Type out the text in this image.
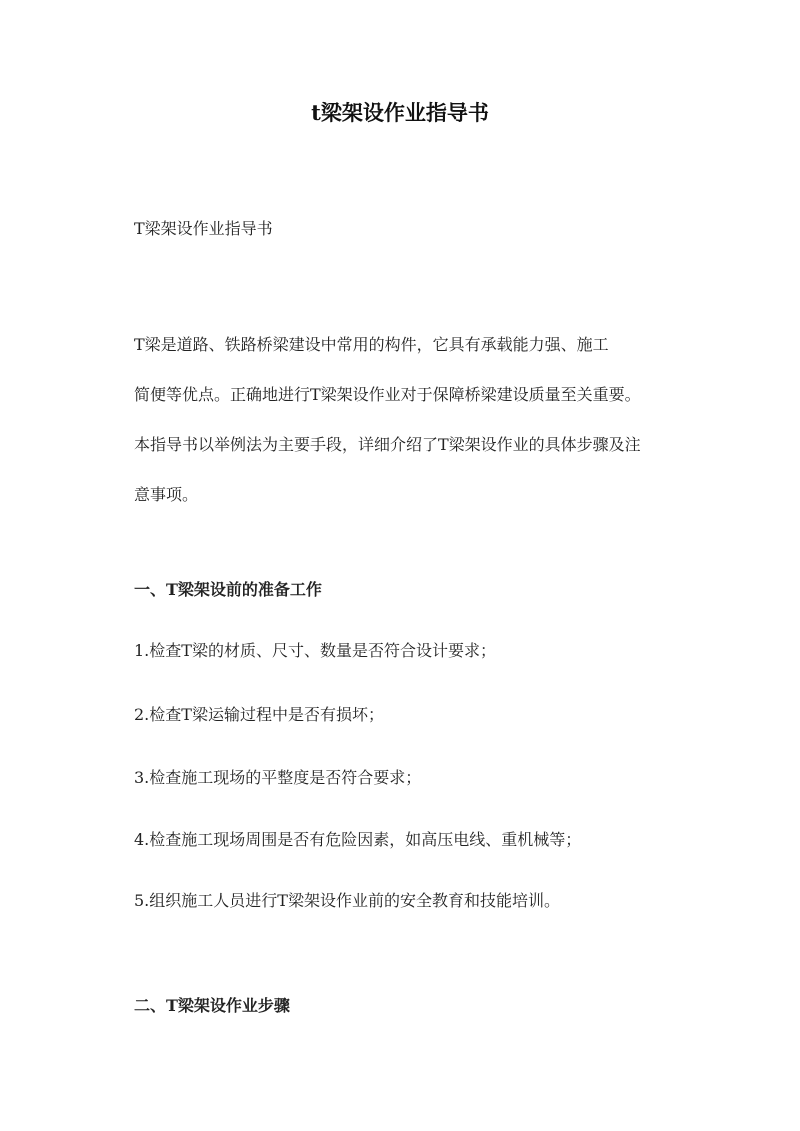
t梁架设作业指导书

T梁架设作业指导书

T梁是道路、铁路桥梁建设中常用的构件，它具有承载能力强、施工
简便等优点。正确地进行T梁架设作业对于保障桥梁建设质量至关重要。
本指导书以举例法为主要手段，详细介绍了T梁架设作业的具体步骤及注
意事项。
一、T梁架设前的准备工作

1.检查T梁的材质、尺寸、数量是否符合设计要求；

2.检查T梁运输过程中是否有损坏；

3.检查施工现场的平整度是否符合要求；

4.检查施工现场周围是否有危险因素，如高压电线、重机械等；

5.组织施工人员进行T梁架设作业前的安全教育和技能培训。

二、T梁架设作业步骤
